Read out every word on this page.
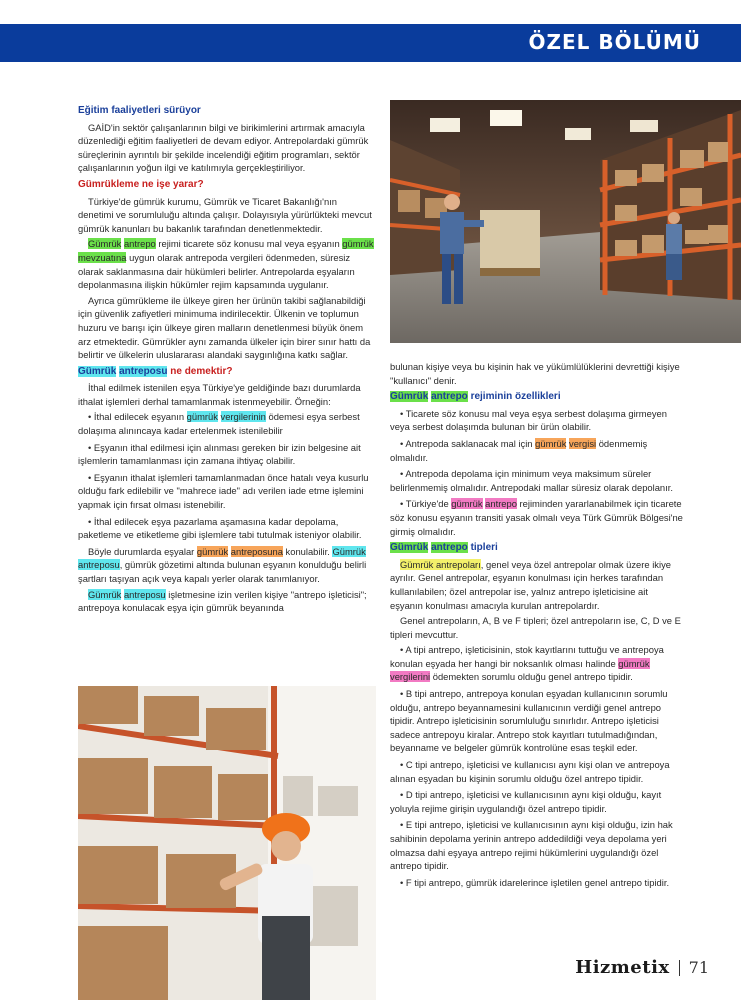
ÖZEL BÖLÜMÜ
Eğitim faaliyetleri sürüyor

GAİD'in sektör çalışanlarının bilgi ve birikimlerini artırmak amacıyla düzenlediği eğitim faaliyetleri de devam ediyor. Antrepolardaki gümrük süreçlerinin ayrıntılı bir şekilde incelendiği eğitim programları, sektör çalışanlarının yoğun ilgi ve katılımıyla gerçekleştiriliyor.

Gümrükleme ne işe yarar?

Türkiye'de gümrük kurumu, Gümrük ve Ticaret Bakanlığı'nın denetimi ve sorumluluğu altında çalışır. Dolayısıyla yürürlükteki mevcut gümrük kanunları bu bakanlık tarafından denetlenmektedir.

Gümrük antrepo rejimi ticarete söz konusu mal veya eşyanın gümrük mevzuatına uygun olarak antrepoda vergileri ödenmeden, süresiz olarak saklanmasına dair hükümleri belirler. Antrepolarda eşyaların depolanmasına ilişkin hükümler rejim kapsamında uygulanır.

Ayrıca gümrükleme ile ülkeye giren her ürünün takibi sağlanabildiği için güvenlik zafiyetleri minimuma indirilecektir. Ülkenin ve toplumun huzuru ve barışı için ülkeye giren malların denetlenmesi büyük önem arz etmektedir. Gümrükler aynı zamanda ülkeler için birer sınır hattı da belirtir ve ülkelerin uluslararası alandaki saygınlığına katkı sağlar.

Gümrük antreposu ne demektir?

İthal edilmek istenilen eşya Türkiye'ye geldiğinde bazı durumlarda ithalat işlemleri derhal tamamlanmak istenmeyebilir. Örneğin:

• İthal edilecek eşyanın gümrük vergilerinin ödemesi eşya serbest dolaşıma alınıncaya kadar ertelenmek istenilebilir

• Eşyanın ithal edilmesi için alınması gereken bir izin belgesine ait işlemlerin tamamlanması için zamana ihtiyaç olabilir.

• Eşyanın ithalat işlemleri tamamlanmadan önce hatalı veya kusurlu olduğu fark edilebilir ve "mahrece iade" adı verilen iade etme işlemini yapmak için fırsat olması istenebilir.

• İthal edilecek eşya pazarlama aşamasına kadar depolama, paketleme ve etiketleme gibi işlemlere tabi tutulmak isteniyor olabilir.

Böyle durumlarda eşyalar gümrük antreposuna konulabilir. Gümrük antreposu, gümrük gözetimi altında bulunan eşyanın konulduğu belirli şartları taşıyan açık veya kapalı yerler olarak tanımlanıyor.

Gümrük antreposu işletmesine izin verilen kişiye "antrepo işleticisi"; antrepoya konulacak eşya için gümrük beyanında

bulunan kişiye veya bu kişinin hak ve yükümlülüklerini devrettiği kişiye "kullanıcı" denir.

Gümrük antrepo rejiminin özellikleri

• Ticarete söz konusu mal veya eşya serbest dolaşıma girmeyen veya serbest dolaşımda bulunan bir ürün olabilir.

• Antrepoda saklanacak mal için gümrük vergisi ödenmemiş olmalıdır.

• Antrepoda depolama için minimum veya maksimum süreler belirlenmemiş olmalıdır. Antrepodaki mallar süresiz olarak depolanır.

• Türkiye'de gümrük antrepo rejiminden yararlanabilmek için ticarete söz konusu eşyanın transiti yasak olmalı veya Türk Gümrük Bölgesi'ne girmiş olmalıdır.

Gümrük antrepo tipleri

Gümrük antrepoları, genel veya özel antrepolar olmak üzere ikiye ayrılır. Genel antrepolar, eşyanın konulması için herkes tarafından kullanılabilen; özel antrepolar ise, yalnız antrepo işleticisine ait eşyanın konulması amacıyla kurulan antrepolardır.

Genel antrepoların, A, B ve F tipleri; özel antrepoların ise, C, D ve E tipleri mevcuttur.

• A tipi antrepo, işleticisinin, stok kayıtlarını tuttuğu ve antrepoya konulan eşyada her hangi bir noksanlık olması halinde gümrük vergilerini ödemekten sorumlu olduğu genel antrepo tipidir.

• B tipi antrepo, antrepoya konulan eşyadan kullanıcının sorumlu olduğu, antrepo beyannamesini kullanıcının verdiği genel antrepo tipidir. Antrepo işleticisinin sorumluluğu sınırlıdır. Antrepo işleticisi sadece antrepoyu kiralar. Antrepo stok kayıtları tutulmadığından, beyanname ve belgeler gümrük kontrolüne esas teşkil eder.

• C tipi antrepo, işleticisi ve kullanıcısı aynı kişi olan ve antrepoya alınan eşyadan bu kişinin sorumlu olduğu özel antrepo tipidir.

• D tipi antrepo, işleticisi ve kullanıcısının aynı kişi olduğu, kayıt yoluyla rejime girişin uygulandığı özel antrepo tipidir.

• E tipi antrepo, işleticisi ve kullanıcısının aynı kişi olduğu, izin hak sahibinin depolama yerinin antrepo addedildiği veya depolama yeri olmazsa dahi eşyaya antrepo rejimi hükümlerini uygulandığı özel antrepo tipidir.

• F tipi antrepo, gümrük idarelerince işletilen genel antrepo tipidir.

Hizmetix 71
